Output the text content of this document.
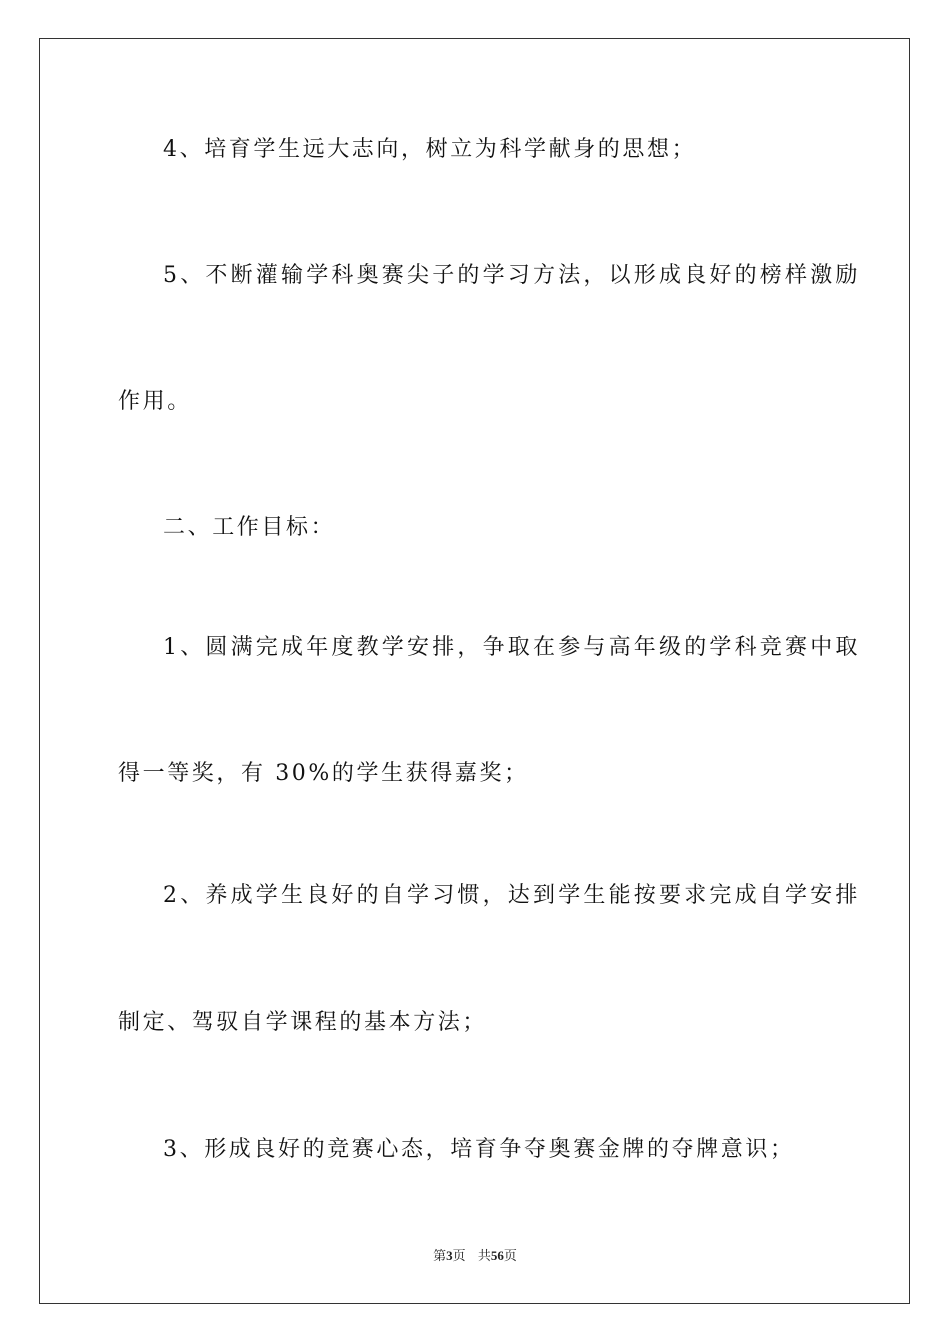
4、培育学生远大志向，树立为科学献身的思想；
5、不断灌输学科奥赛尖子的学习方法，以形成良好的榜样激励
作用。
二、工作目标：
1、圆满完成年度教学安排，争取在参与高年级的学科竞赛中取
得一等奖，有 30%的学生获得嘉奖；
2、养成学生良好的自学习惯，达到学生能按要求完成自学安排
制定、驾驭自学课程的基本方法；
3、形成良好的竞赛心态，培育争夺奥赛金牌的夺牌意识；
第3页 共56页
